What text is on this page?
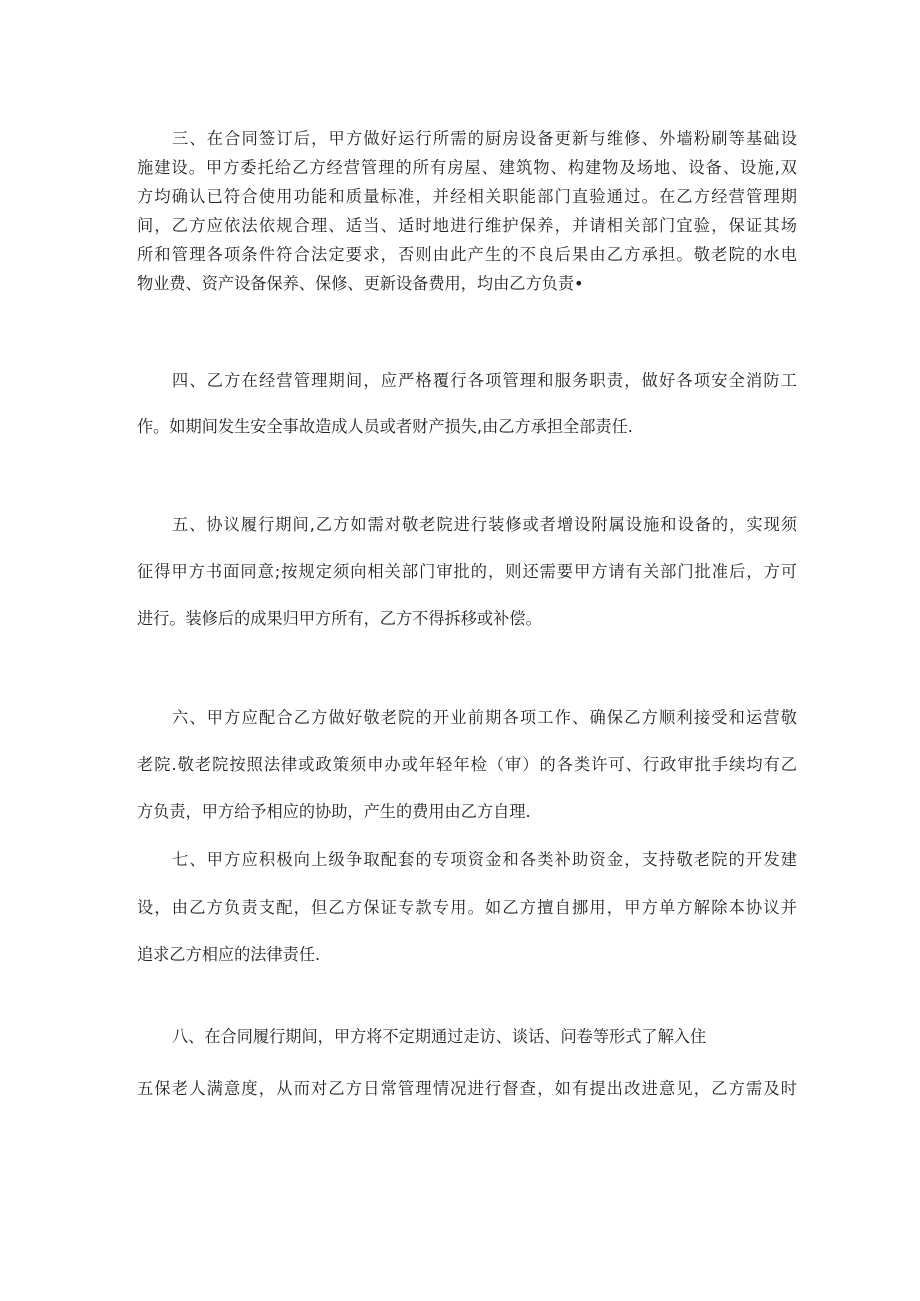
三、在合同签订后，甲方做好运行所需的厨房设备更新与维修、外墙粉刷等基础设
施建设。甲方委托给乙方经营管理的所有房屋、建筑物、构建物及场地、设备、设施,双
方均确认已符合使用功能和质量标准，并经相关职能部门直验通过。在乙方经营管理期
间，乙方应依法依规合理、适当、适时地进行维护保养，并请相关部门宜验，保证其场
所和管理各项条件符合法定要求，否则由此产生的不良后果由乙方承担。敬老院的水电
物业费、资产设备保养、保修、更新设备费用，均由乙方负责•
四、乙方在经营管理期间，应严格覆行各项管理和服务职责，做好各项安全消防工
作。如期间发生安全事故造成人员或者财产损失,由乙方承担全部责任.
五、协议履行期间,乙方如需对敬老院进行装修或者增设附属设施和设备的，实现须
征得甲方书面同意;按规定须向相关部门审批的，则还需要甲方请有关部门批准后，方可
进行。装修后的成果归甲方所有，乙方不得拆移或补偿。
六、甲方应配合乙方做好敬老院的开业前期各项工作、确保乙方顺利接受和运营敬
老院.敬老院按照法律或政策须申办或年轻年检（审）的各类许可、行政审批手续均有乙
方负责，甲方给予相应的协助，产生的费用由乙方自理.
七、甲方应积极向上级争取配套的专项资金和各类补助资金，支持敬老院的开发建
设，由乙方负责支配，但乙方保证专款专用。如乙方擅自挪用，甲方单方解除本协议并
追求乙方相应的法律责任.
八、在合同履行期间，甲方将不定期通过走访、谈话、问卷等形式了解入住
五保老人满意度，从而对乙方日常管理情况进行督查，如有提出改进意见，乙方需及时
